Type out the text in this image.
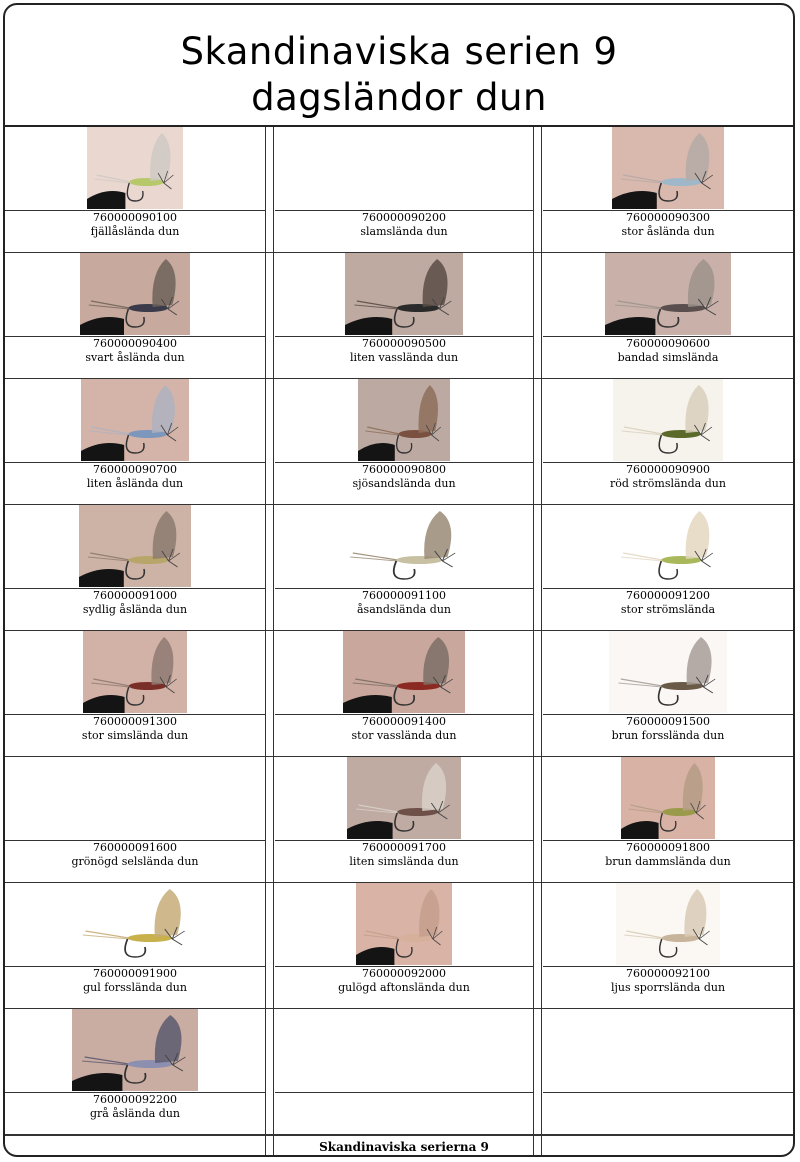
Skandinaviska serien 9
dagsländor dun
760000090100
fjällåslända dun
760000090200
slamslända dun
760000090300
stor åslända dun
760000090400
svart åslända dun
760000090500
liten vasslända dun
760000090600
bandad simslända
760000090700
liten åslända dun
760000090800
sjösandslända dun
760000090900
röd strömslända dun
760000091000
sydlig åslända dun
760000091100
åsandslända dun
760000091200
stor strömslända
760000091300
stor simslända dun
760000091400
stor vasslända dun
760000091500
brun forsslända dun
760000091600
grönögd selslända dun
760000091700
liten simslända dun
760000091800
brun dammslända dun
760000091900
gul forsslända dun
760000092000
gulögd aftonslända dun
760000092100
ljus sporrslända dun
760000092200
grå åslända dun
Skandinaviska serierna 9
